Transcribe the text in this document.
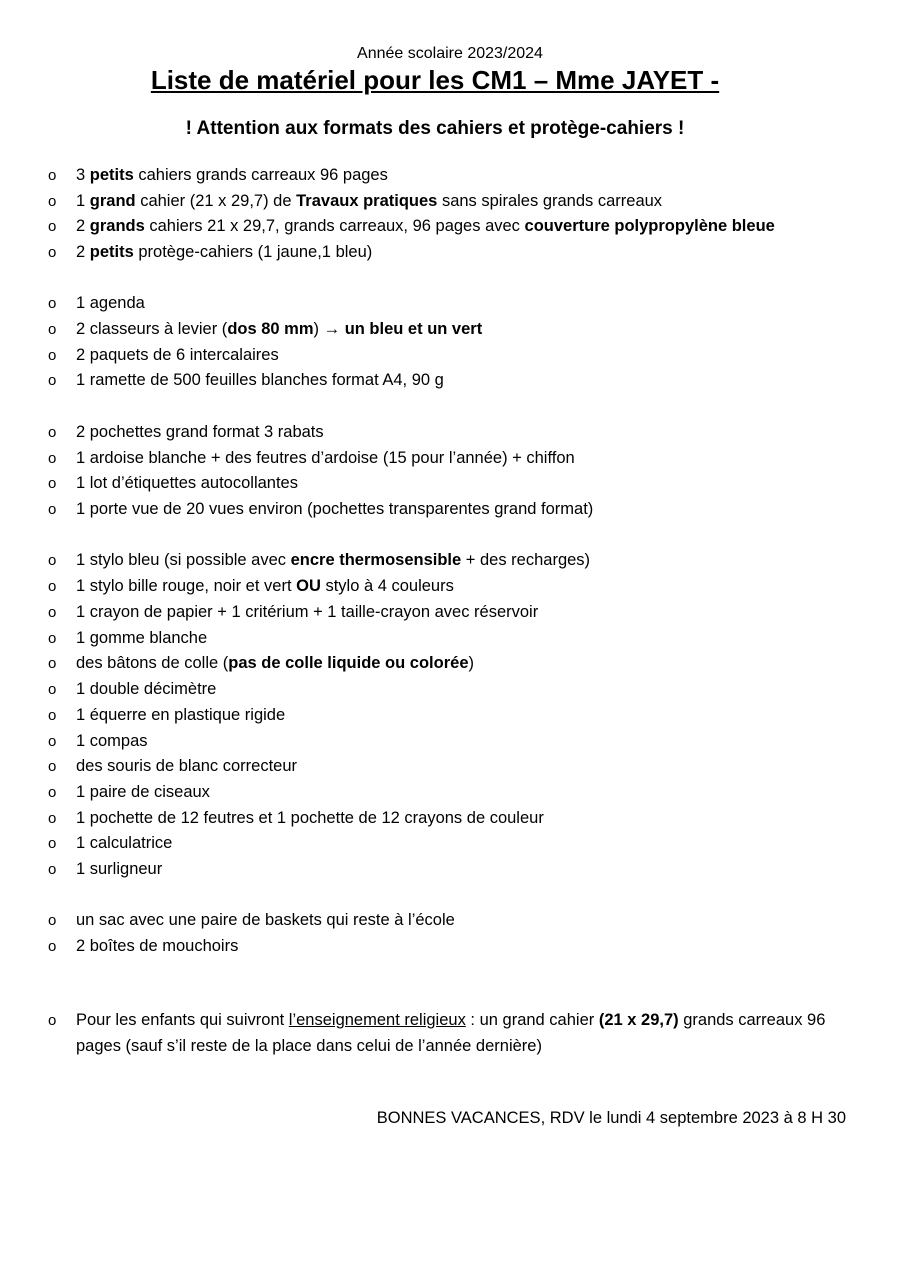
Année scolaire 2023/2024
Liste de matériel pour les CM1 – Mme JAYET -
! Attention aux formats des cahiers et protège-cahiers !
o 3 petits cahiers grands carreaux 96 pages
o 1 grand cahier (21 x 29,7) de Travaux pratiques sans spirales grands carreaux
o 2 grands cahiers 21 x 29,7, grands carreaux, 96 pages avec couverture polypropylène bleue
o 2 petits protège-cahiers (1 jaune,1 bleu)
o 1 agenda
o 2 classeurs à levier (dos 80 mm) → un bleu et un vert
o 2 paquets de 6 intercalaires
o 1 ramette de 500 feuilles blanches format A4, 90 g
o 2 pochettes grand format 3 rabats
o 1 ardoise blanche + des feutres d’ardoise (15 pour l’année) + chiffon
o 1 lot d’étiquettes autocollantes
o 1 porte vue de 20 vues environ (pochettes transparentes grand format)
o 1 stylo bleu (si possible avec encre thermosensible + des recharges)
o 1 stylo bille rouge, noir et vert OU stylo à 4 couleurs
o 1 crayon de papier + 1 critérium + 1 taille-crayon avec réservoir
o 1 gomme blanche
o des bâtons de colle (pas de colle liquide ou colorée)
o 1 double décimètre
o 1 équerre en plastique rigide
o 1 compas
o des souris de blanc correcteur
o 1 paire de ciseaux
o 1 pochette de 12 feutres et 1 pochette de 12 crayons de couleur
o 1 calculatrice
o 1 surligneur
o un sac avec une paire de baskets qui reste à l’école
o 2 boîtes de mouchoirs
o Pour les enfants qui suivront l’enseignement religieux : un grand cahier (21 x 29,7) grands carreaux 96 pages (sauf s’il reste de la place dans celui de l’année dernière)
BONNES VACANCES, RDV le lundi 4 septembre 2023 à 8 H 30
